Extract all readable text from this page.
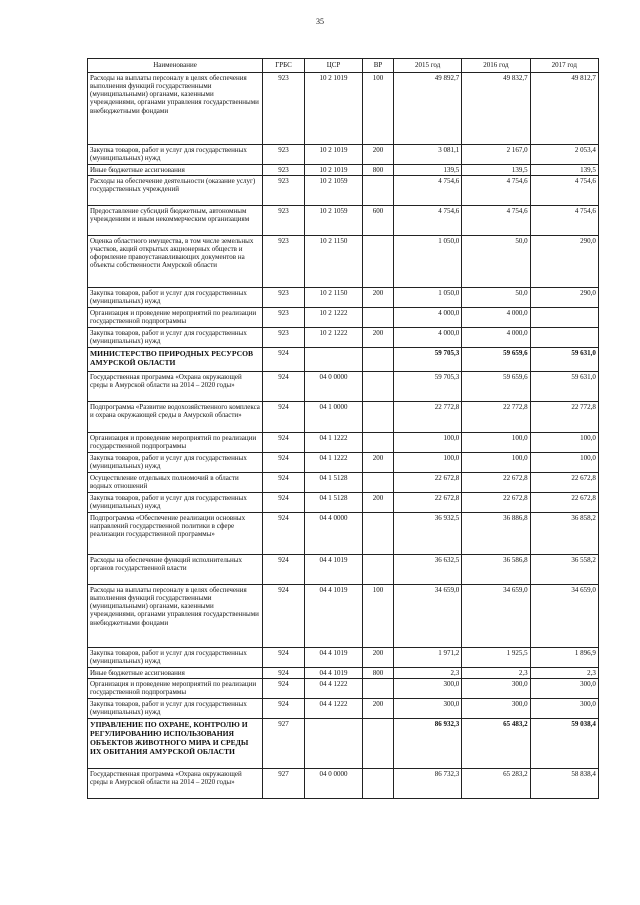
35
Наименование	ГРБС	ЦСР	ВР	2015 год	2016 год	2017 год
Расходы на выплаты персоналу в целях обеспечения выполнения функций государственными (муниципальными) органами, казенными учреждениями, органами управления государственными внебюджетными фондами	923	10 2 1019	100	49 892,7	49 832,7	49 812,7
Закупка товаров, работ и услуг для государственных (муниципальных) нужд	923	10 2 1019	200	3 081,1	2 167,0	2 053,4
Иные бюджетные ассигнования	923	10 2 1019	800	139,5	139,5	139,5
Расходы на обеспечение деятельности (оказание услуг) государственных учреждений	923	10 2 1059		4 754,6	4 754,6	4 754,6
Предоставление субсидий бюджетным, автономным учреждениям и иным некоммерческим организациям	923	10 2 1059	600	4 754,6	4 754,6	4 754,6
Оценка областного имущества, в том числе земельных участков, акций открытых акционерных обществ и оформление правоустанавливающих документов на объекты собственности Амурской области	923	10 2 1150		1 050,0	50,0	290,0
Закупка товаров, работ и услуг для государственных (муниципальных) нужд	923	10 2 1150	200	1 050,0	50,0	290,0
Организация и проведение мероприятий по реализации государственной подпрограммы	923	10 2 1222		4 000,0	4 000,0	
Закупка товаров, работ и услуг для государственных (муниципальных) нужд	923	10 2 1222	200	4 000,0	4 000,0	
МИНИСТЕРСТВО ПРИРОДНЫХ РЕСУРСОВ АМУРСКОЙ ОБЛАСТИ	924			59 705,3	59 659,6	59 631,0
Государственная программа «Охрана окружающей среды в Амурской области на 2014 – 2020 годы»	924	04 0 0000		59 705,3	59 659,6	59 631,0
Подпрограмма «Развитие водохозяйственного комплекса и охрана окружающей среды в Амурской области»	924	04 1 0000		22 772,8	22 772,8	22 772,8
Организация и проведение мероприятий по реализации государственной подпрограммы	924	04 1 1222		100,0	100,0	100,0
Закупка товаров, работ и услуг для государственных (муниципальных) нужд	924	04 1 1222	200	100,0	100,0	100,0
Осуществление отдельных полномочий в области водных отношений	924	04 1 5128		22 672,8	22 672,8	22 672,8
Закупка товаров, работ и услуг для государственных (муниципальных) нужд	924	04 1 5128	200	22 672,8	22 672,8	22 672,8
Подпрограмма «Обеспечение реализации основных направлений государственной политики в сфере реализации государственной программы»	924	04 4 0000		36 932,5	36 886,8	36 858,2
Расходы на обеспечение функций исполнительных органов государственной власти	924	04 4 1019		36 632,5	36 586,8	36 558,2
Расходы на выплаты персоналу в целях обеспечения выполнения функций государственными (муниципальными) органами, казенными учреждениями, органами управления государственными внебюджетными фондами	924	04 4 1019	100	34 659,0	34 659,0	34 659,0
Закупка товаров, работ и услуг для государственных (муниципальных) нужд	924	04 4 1019	200	1 971,2	1 925,5	1 896,9
Иные бюджетные ассигнования	924	04 4 1019	800	2,3	2,3	2,3
Организация и проведение мероприятий по реализации государственной подпрограммы	924	04 4 1222		300,0	300,0	300,0
Закупка товаров, работ и услуг для государственных (муниципальных) нужд	924	04 4 1222	200	300,0	300,0	300,0
УПРАВЛЕНИЕ ПО ОХРАНЕ, КОНТРОЛЮ И РЕГУЛИРОВАНИЮ ИСПОЛЬЗОВАНИЯ ОБЪЕКТОВ ЖИВОТНОГО МИРА И СРЕДЫ ИХ ОБИТАНИЯ АМУРСКОЙ ОБЛАСТИ	927			86 932,3	65 483,2	59 038,4
Государственная программа «Охрана окружающей среды в Амурской области на 2014 – 2020 годы»	927	04 0 0000		86 732,3	65 283,2	58 838,4
